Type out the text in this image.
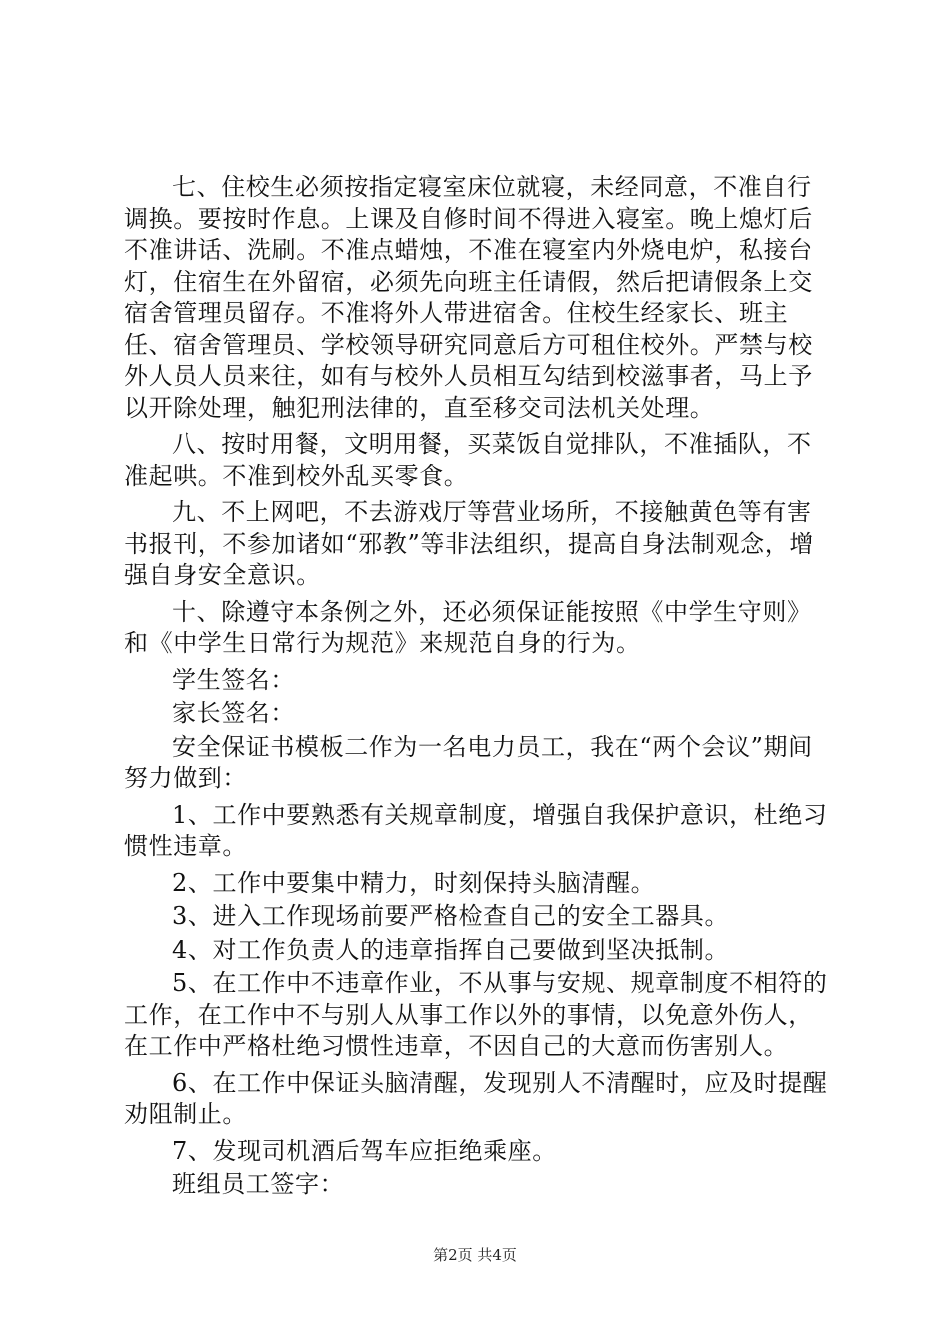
七、住校生必须按指定寝室床位就寝，未经同意，不准自行调换。要按时作息。上课及自修时间不得进入寝室。晚上熄灯后不准讲话、洗刷。不准点蜡烛，不准在寝室内外烧电炉，私接台灯，住宿生在外留宿，必须先向班主任请假，然后把请假条上交宿舍管理员留存。不准将外人带进宿舍。住校生经家长、班主任、宿舍管理员、学校领导研究同意后方可租住校外。严禁与校外人员人员来往，如有与校外人员相互勾结到校滋事者，马上予以开除处理，触犯刑法律的，直至移交司法机关处理。

八、按时用餐，文明用餐，买菜饭自觉排队，不准插队，不准起哄。不准到校外乱买零食。

九、不上网吧，不去游戏厅等营业场所，不接触黄色等有害书报刊，不参加诸如“邪教”等非法组织，提高自身法制观念，增强自身安全意识。

十、除遵守本条例之外，还必须保证能按照《中学生守则》和《中学生日常行为规范》来规范自身的行为。

学生签名：

家长签名：

安全保证书模板二作为一名电力员工，我在“两个会议”期间努力做到：

1、工作中要熟悉有关规章制度，增强自我保护意识，杜绝习惯性违章。

2、工作中要集中精力，时刻保持头脑清醒。

3、进入工作现场前要严格检查自己的安全工器具。

4、对工作负责人的违章指挥自己要做到坚决抵制。

5、在工作中不违章作业，不从事与安规、规章制度不相符的工作，在工作中不与别人从事工作以外的事情，以免意外伤人，在工作中严格杜绝习惯性违章，不因自己的大意而伤害别人。

6、在工作中保证头脑清醒，发现别人不清醒时，应及时提醒劝阻制止。

7、发现司机酒后驾车应拒绝乘座。

班组员工签字：

第2页 共4页
